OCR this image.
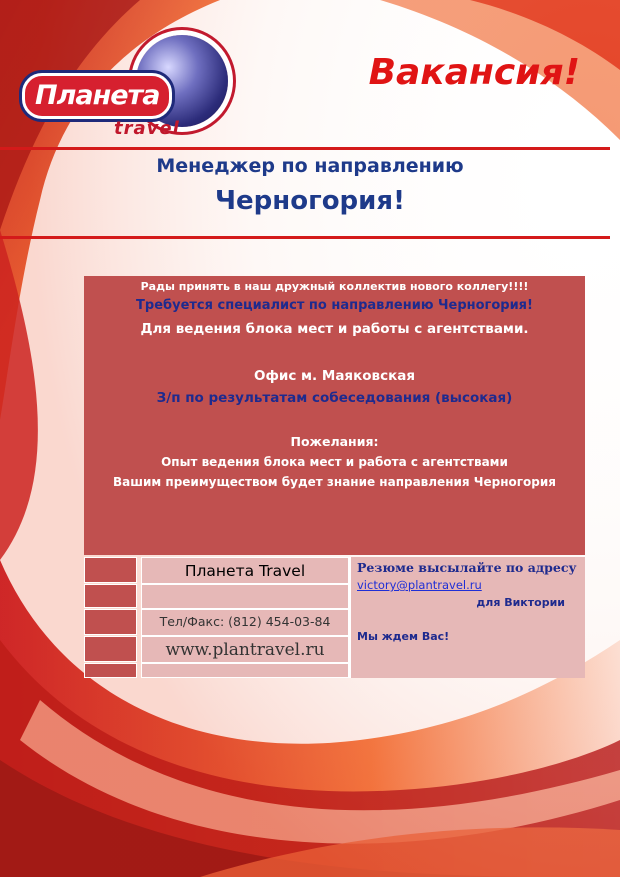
Планета
travel
Вакансия!
Менеджер по направлению
Черногория!

Рады принять в наш дружный коллектив нового коллегу!!!!

Требуется специалист по направлению Черногория!

Для ведения блока мест и работы с агентствами.

Офис м. Маяковская

З/п по результатам собеседования (высокая)

Пожелания:

Опыт ведения блока мест и работа с агентствами

Вашим преимуществом будет знание направления Черногория

Планета Travel
Тел/Факс: (812) 454-03-84
www.plantravel.ru
Резюме высылайте по адресу
victory@plantravel.ru
для Виктории
Мы ждем Вас!
